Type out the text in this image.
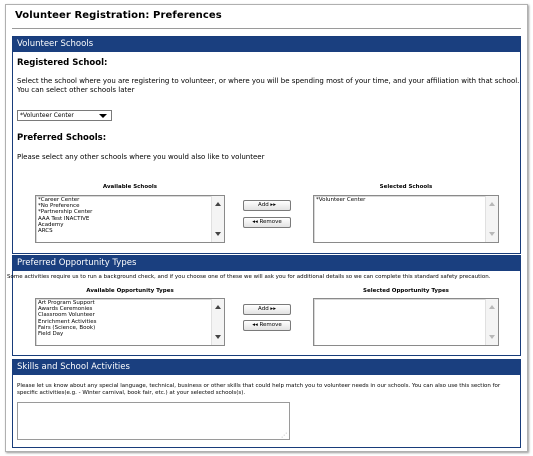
Volunteer Registration: Preferences
Volunteer Schools
Registered School:
Select the school where you are registering to volunteer, or where you will be spending most of your time, and your affiliation with that school.
You can select other schools later
*Volunteer Center
Preferred Schools:
Please select any other schools where you would also like to volunteer
Available Schools	Selected Schools
*Career Center
*No Preference
*Partnership Center
AAA Test INACTIVE
Academy
ARCS
Add ▸▸
◂◂ Remove
*Volunteer Center
Preferred Opportunity Types
Some activities require us to run a background check, and if you choose one of these we will ask you for additional details so we can complete this standard safety precaution.
Available Opportunity Types	Selected Opportunity Types
Art Program Support
Awards Ceremonies
Classroom Volunteer
Enrichment Activities
Fairs (Science, Book)
Field Day
Add ▸▸
◂◂ Remove
Skills and School Activities
Please let us know about any special language, technical, business or other skills that could help match you to volunteer needs in our schools. You can also use this section for
specific activities(e.g. - Winter carnival, book fair, etc.) at your selected schools(s).
⋰
